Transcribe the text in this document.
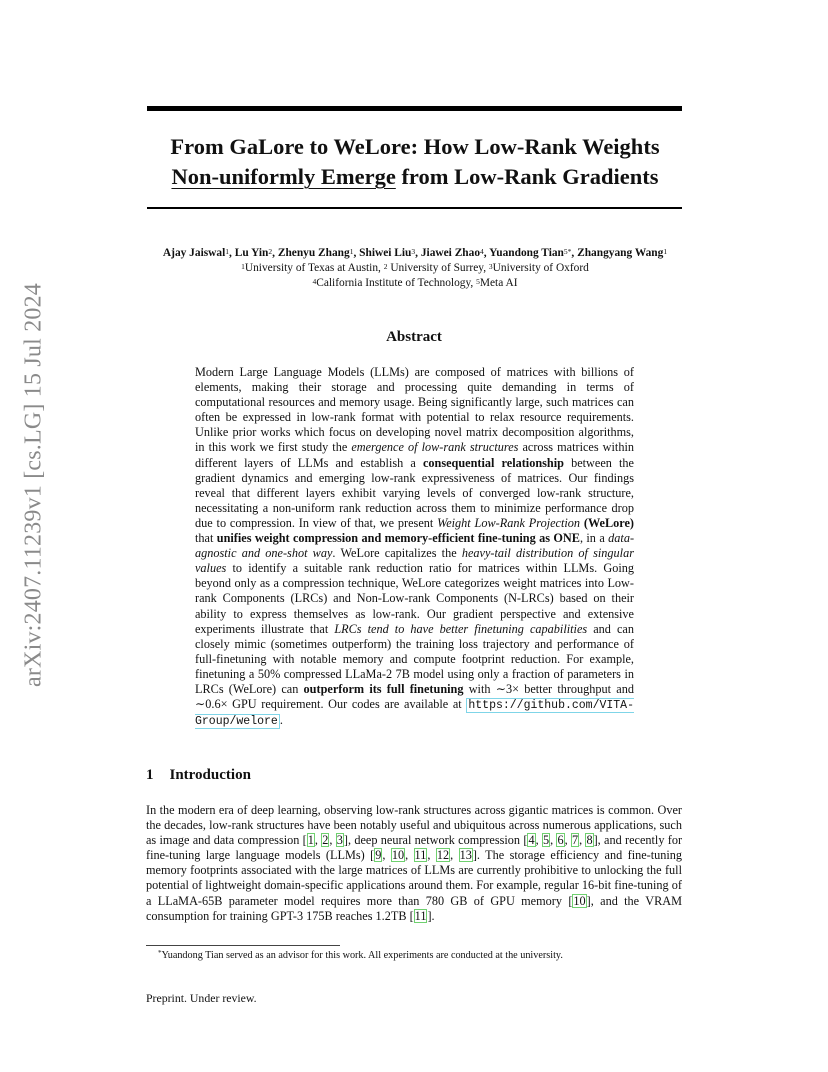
arXiv:2407.11239v1 [cs.LG] 15 Jul 2024
From GaLore to WeLore: How Low-Rank Weights
Non-uniformly Emerge from Low-Rank Gradients
Ajay Jaiswal$^1$, Lu Yin$^2$, Zhenyu Zhang$^1$, Shiwei Liu$^3$, Jiawei Zhao$^4$, Yuandong Tian$^{5*}$, Zhangyang Wang$^1$
$^1$University of Texas at Austin, $^2$ University of Surrey, $^3$University of Oxford
$^4$California Institute of Technology, $^5$Meta AI
Abstract

Modern Large Language Models (LLMs) are composed of matrices with billions of elements, making their storage and processing quite demanding in terms of computational resources and memory usage. Being significantly large, such matrices can often be expressed in low-rank format with potential to relax resource requirements. Unlike prior works which focus on developing novel matrix decomposition algorithms, in this work we first study the emergence of low-rank structures across matrices within different layers of LLMs and establish a consequential relationship between the gradient dynamics and emerging low-rank expressiveness of matrices. Our findings reveal that different layers exhibit varying levels of converged low-rank structure, necessitating a non-uniform rank reduction across them to minimize performance drop due to compression. In view of that, we present Weight Low-Rank Projection (WeLore) that unifies weight compression and memory-efficient fine-tuning as ONE, in a data-agnostic and one-shot way. WeLore capitalizes the heavy-tail distribution of singular values to identify a suitable rank reduction ratio for matrices within LLMs. Going beyond only as a compression technique, WeLore categorizes weight matrices into Low-rank Components (LRCs) and Non-Low-rank Components (N-LRCs) based on their ability to express themselves as low-rank. Our gradient perspective and extensive experiments illustrate that LRCs tend to have better finetuning capabilities and can closely mimic (sometimes outperform) the training loss trajectory and performance of full-finetuning with notable memory and compute footprint reduction. For example, finetuning a 50% compressed LLaMa-2 7B model using only a fraction of parameters in LRCs (WeLore) can outperform its full finetuning with ∼3× better throughput and ∼0.6× GPU requirement. Our codes are available at https://github.com/VITA-Group/welore .

1 Introduction

In the modern era of deep learning, observing low-rank structures across gigantic matrices is common. Over the decades, low-rank structures have been notably useful and ubiquitous across numerous applications, such as image and data compression [1, 2, 3], deep neural network compression [4, 5, 6, 7, 8], and recently for fine-tuning large language models (LLMs) [9, 10, 11, 12, 13]. The storage efficiency and fine-tuning memory footprints associated with the large matrices of LLMs are currently prohibitive to unlocking the full potential of lightweight domain-specific applications around them. For example, regular 16-bit fine-tuning of a LLaMA-65B parameter model requires more than 780 GB of GPU memory [10], and the VRAM consumption for training GPT-3 175B reaches 1.2TB [11].

*Yuandong Tian served as an advisor for this work. All experiments are conducted at the university.
Preprint. Under review.
